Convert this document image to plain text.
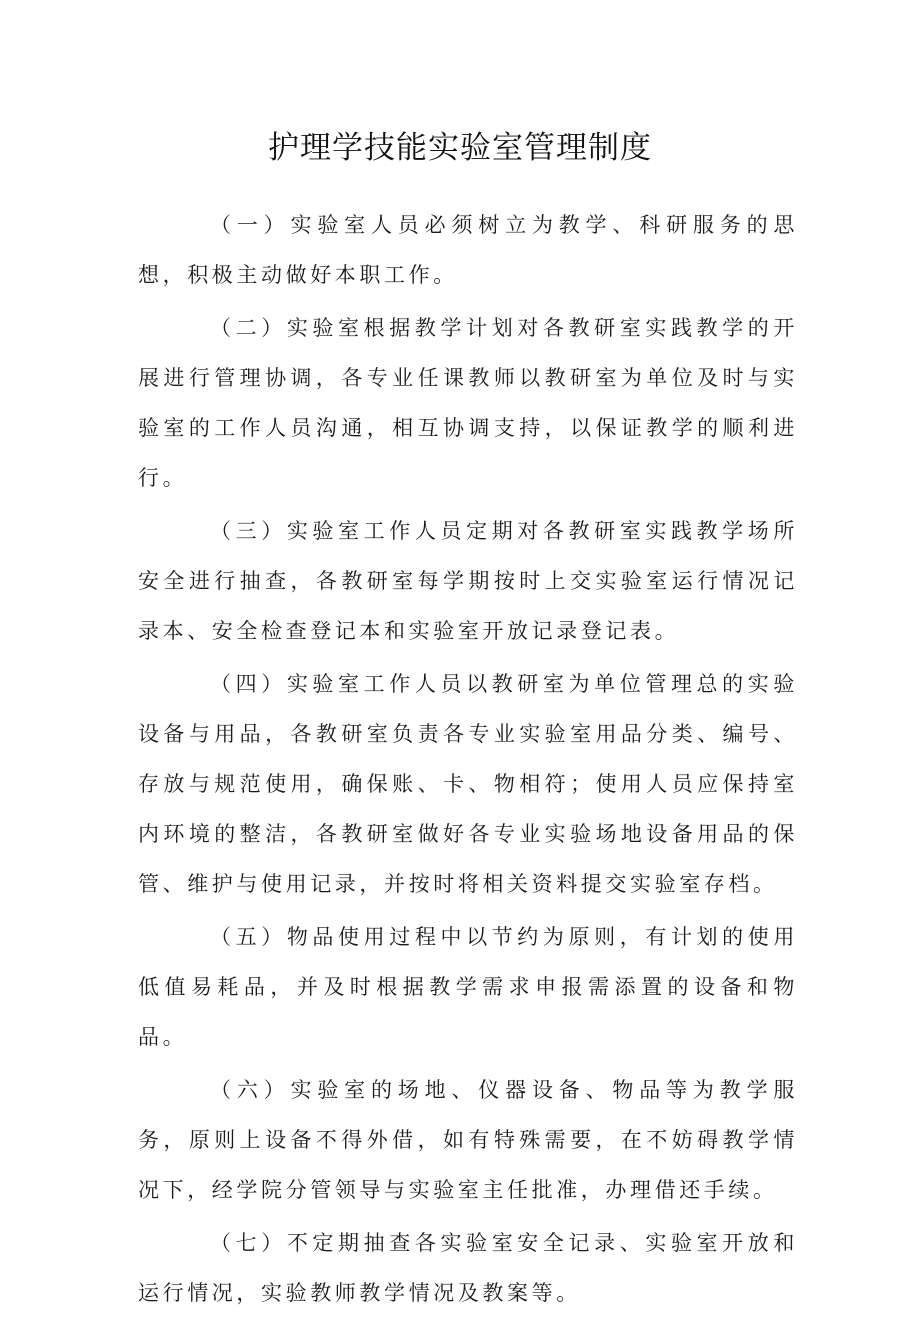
护理学技能实验室管理制度

（一）实验室人员必须树立为教学、科研服务的思想，积极主动做好本职工作。

（二）实验室根据教学计划对各教研室实践教学的开展进行管理协调，各专业任课教师以教研室为单位及时与实验室的工作人员沟通，相互协调支持，以保证教学的顺利进行。

（三）实验室工作人员定期对各教研室实践教学场所安全进行抽查，各教研室每学期按时上交实验室运行情况记录本、安全检查登记本和实验室开放记录登记表。

（四）实验室工作人员以教研室为单位管理总的实验设备与用品，各教研室负责各专业实验室用品分类、编号、存放与规范使用，确保账、卡、物相符；使用人员应保持室内环境的整洁，各教研室做好各专业实验场地设备用品的保管、维护与使用记录，并按时将相关资料提交实验室存档。

（五）物品使用过程中以节约为原则，有计划的使用低值易耗品，并及时根据教学需求申报需添置的设备和物品。

（六）实验室的场地、仪器设备、物品等为教学服务，原则上设备不得外借，如有特殊需要，在不妨碍教学情况下，经学院分管领导与实验室主任批准，办理借还手续。

（七）不定期抽查各实验室安全记录、实验室开放和运行情况，实验教师教学情况及教案等。
